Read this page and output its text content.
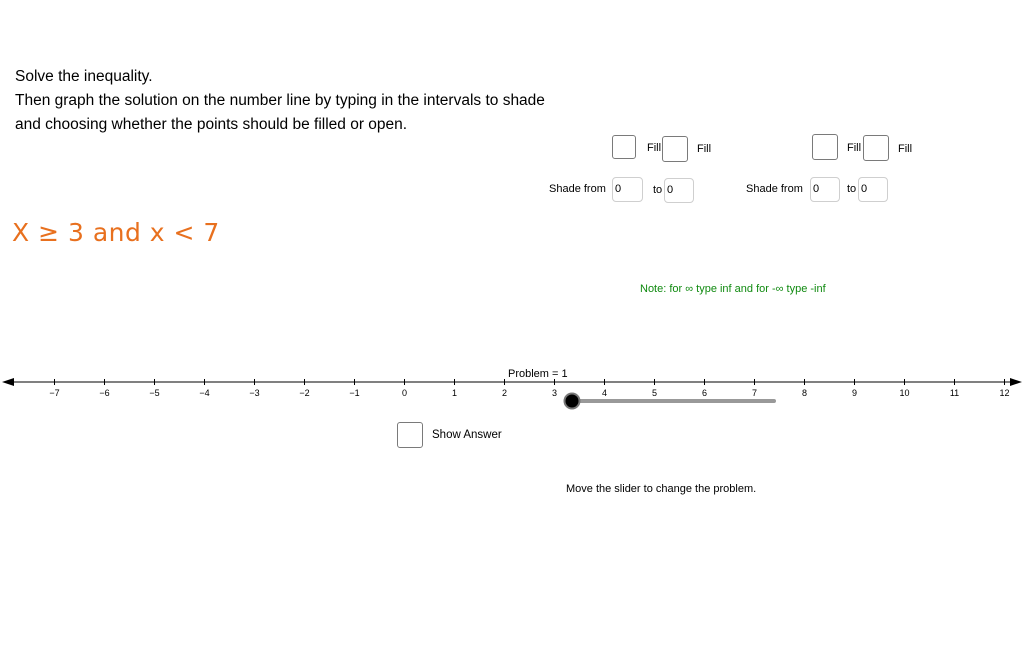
Solve the inequality.
Then graph the solution on the number line by typing in the intervals to shade
and choosing whether the points should be filled or open.
X ≥ 3 and x < 7
Fill	Fill
Shade from 0	to 0
Fill	Fill
Shade from 0	to 0
Note: for ∞ type inf and for -∞ type -inf
Problem = 1
−7	−6	−5	−4	−3	−2	−1	0	1	2	3	4	5	6	7	8	9	10	11	12
Show Answer
Move the slider to change the problem.
